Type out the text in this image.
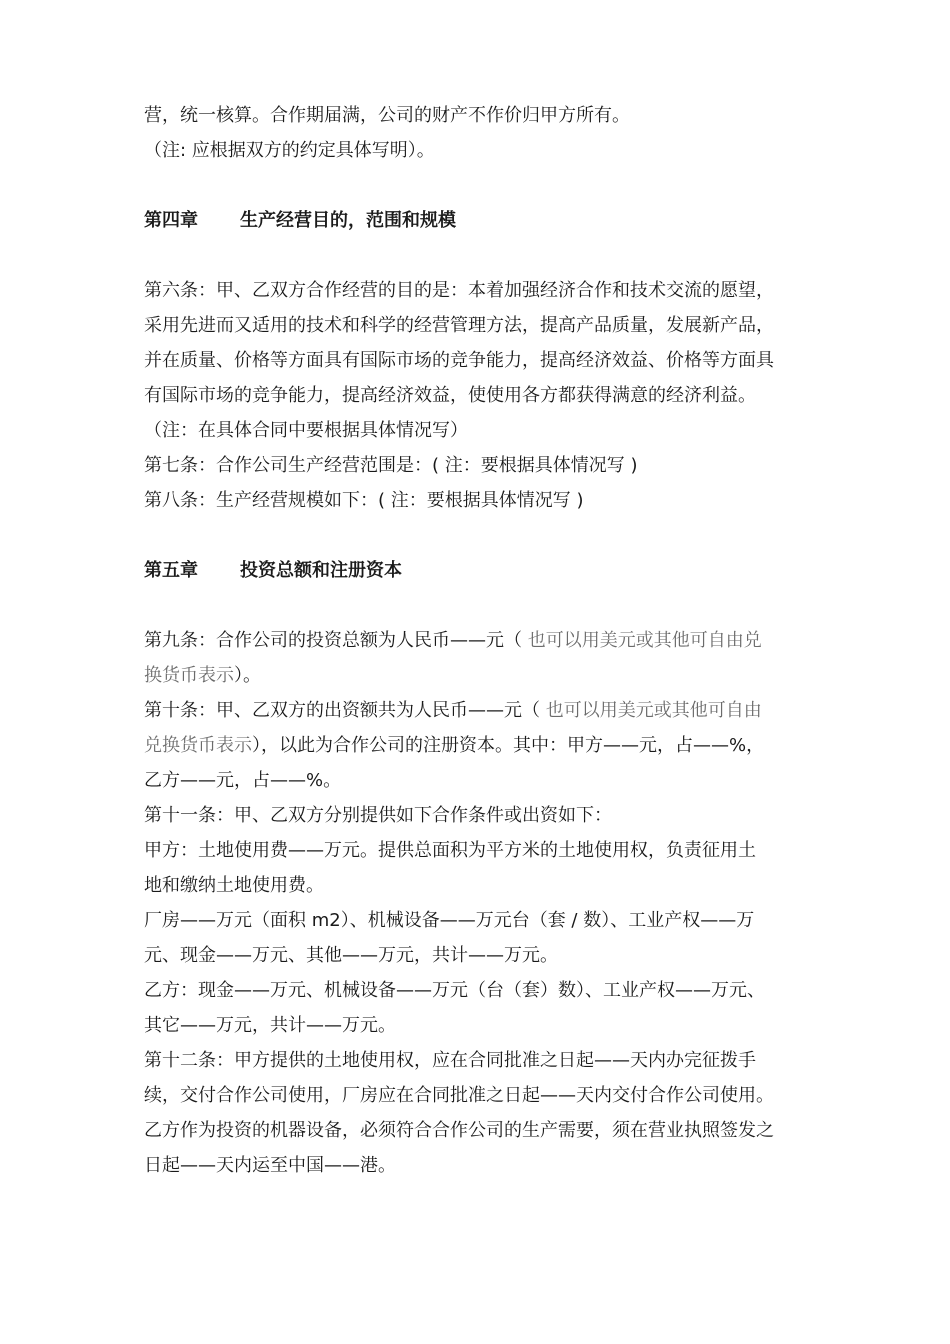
营，统一核算。合作期届满，公司的财产不作价归甲方所有。

（注: 应根据双方的约定具体写明）。

第四章 生产经营目的，范围和规模

第六条：甲、乙双方合作经营的目的是：本着加强经济合作和技术交流的愿望，

采用先进而又适用的技术和科学的经营管理方法，提高产品质量，发展新产品，

并在质量、价格等方面具有国际市场的竞争能力，提高经济效益、价格等方面具

有国际市场的竞争能力，提高经济效益，使使用各方都获得满意的经济利益。

（注：在具体合同中要根据具体情况写）

第七条：合作公司生产经营范围是：( 注：要根据具体情况写 )

第八条：生产经营规模如下：( 注：要根据具体情况写 )

第五章 投资总额和注册资本

第九条：合作公司的投资总额为人民币——元（ 也可以用美元或其他可自由兑

换货币表示）。

第十条：甲、乙双方的出资额共为人民币——元（ 也可以用美元或其他可自由

兑换货币表示），以此为合作公司的注册资本。其中：甲方——元，占——%，

乙方——元，占——%。

第十一条：甲、乙双方分别提供如下合作条件或出资如下：

甲方：土地使用费——万元。提供总面积为平方米的土地使用权，负责征用土

地和缴纳土地使用费。

厂房——万元（面积 m2）、机械设备——万元台（套 / 数）、工业产权——万

元、现金——万元、其他——万元，共计——万元。

乙方：现金——万元、机械设备——万元（台（套）数）、工业产权——万元、

其它——万元，共计——万元。

第十二条：甲方提供的土地使用权，应在合同批准之日起——天内办完征拨手

续，交付合作公司使用，厂房应在合同批准之日起——天内交付合作公司使用。

乙方作为投资的机器设备，必须符合合作公司的生产需要，须在营业执照签发之

日起——天内运至中国——港。
